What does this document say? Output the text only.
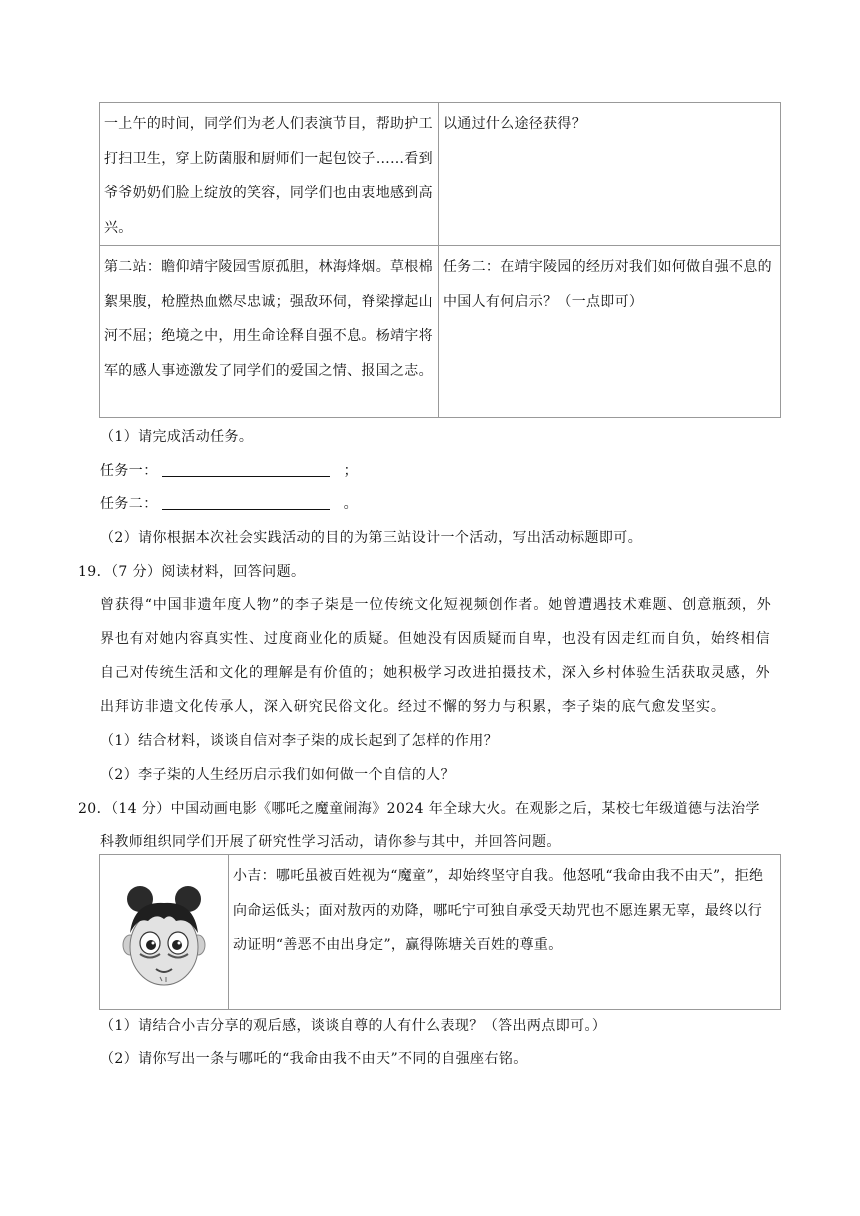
一上午的时间，同学们为老人们表演节目，帮助护工打扫卫生，穿上防菌服和厨师们一起包饺子……看到爷爷奶奶们脸上绽放的笑容，同学们也由衷地感到高兴。	以通过什么途径获得？

第二站：瞻仰靖宇陵园雪原孤胆，林海烽烟。草根棉絮果腹，枪膛热血燃尽忠诚；强敌环伺，脊梁撑起山河不屈；绝境之中，用生命诠释自强不息。杨靖宇将军的感人事迹激发了同学们的爱国之情、报国之志。	任务二：在靖宇陵园的经历对我们如何做自强不息的中国人有何启示？（一点即可）
（1）请完成活动任务。
任务一：	；
任务二：	。
（2）请你根据本次社会实践活动的目的为第三站设计一个活动，写出活动标题即可。
19．（7 分）阅读材料，回答问题。
曾获得“中国非遗年度人物”的李子柒是一位传统文化短视频创作者。她曾遭遇技术难题、创意瓶颈，外界也有对她内容真实性、过度商业化的质疑。但她没有因质疑而自卑，也没有因走红而自负，始终相信自己对传统生活和文化的理解是有价值的；她积极学习改进拍摄技术，深入乡村体验生活获取灵感，外出拜访非遗文化传承人，深入研究民俗文化。经过不懈的努力与积累，李子柒的底气愈发坚实。
（1）结合材料，谈谈自信对李子柒的成长起到了怎样的作用？
（2）李子柒的人生经历启示我们如何做一个自信的人？
20．（14 分）中国动画电影《哪吒之魔童闹海》2024 年全球大火。在观影之后，某校七年级道德与法治学
科教师组织同学们开展了研究性学习活动，请你参与其中，并回答问题。

小吉：哪吒虽被百姓视为“魔童”，却始终坚守自我。他怒吼“我命由我不由天”，拒绝向命运低头；面对敖丙的劝降，哪吒宁可独自承受天劫咒也不愿连累无辜，最终以行动证明“善恶不由出身定”，赢得陈塘关百姓的尊重。
（1）请结合小吉分享的观后感，谈谈自尊的人有什么表现？（答出两点即可。）
（2）请你写出一条与哪吒的“我命由我不由天”不同的自强座右铭。
